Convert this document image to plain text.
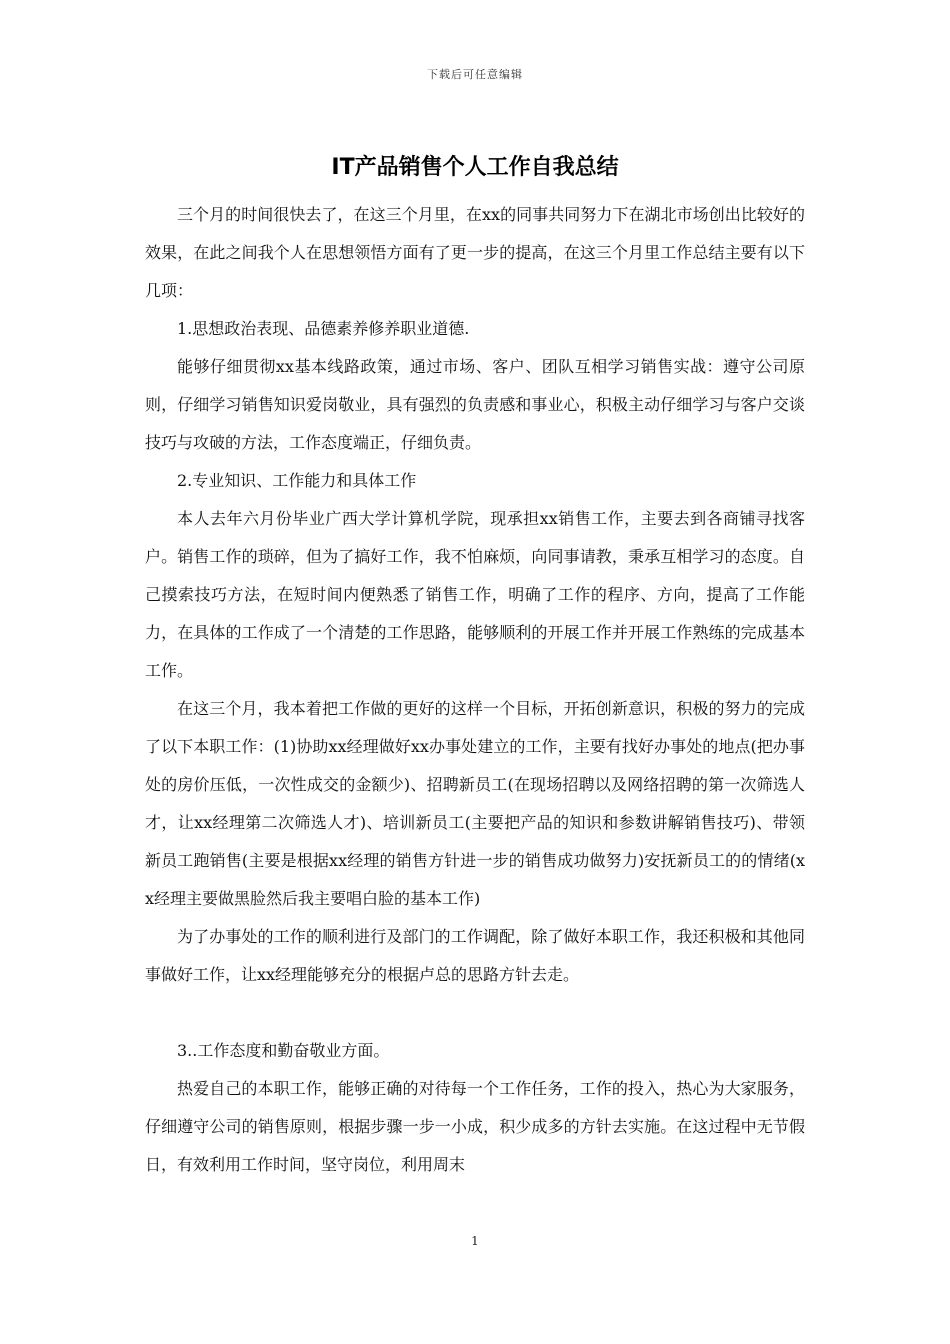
下载后可任意编辑
IT产品销售个人工作自我总结

三个月的时间很快去了，在这三个月里，在xx的同事共同努力下在湖北市场创出比较好的效果，在此之间我个人在思想领悟方面有了更一步的提高，在这三个月里工作总结主要有以下几项：

1.思想政治表现、品德素养修养职业道德.

能够仔细贯彻xx基本线路政策，通过市场、客户、团队互相学习销售实战：遵守公司原则，仔细学习销售知识爱岗敬业，具有强烈的负责感和事业心，积极主动仔细学习与客户交谈技巧与攻破的方法，工作态度端正，仔细负责。

2.专业知识、工作能力和具体工作

本人去年六月份毕业广西大学计算机学院，现承担xx销售工作，主要去到各商铺寻找客户。销售工作的琐碎，但为了搞好工作，我不怕麻烦，向同事请教，秉承互相学习的态度。自己摸索技巧方法，在短时间内便熟悉了销售工作，明确了工作的程序、方向，提高了工作能力，在具体的工作成了一个清楚的工作思路，能够顺利的开展工作并开展工作熟练的完成基本工作。

在这三个月，我本着把工作做的更好的这样一个目标，开拓创新意识，积极的努力的完成了以下本职工作：(1)协助xx经理做好xx办事处建立的工作，主要有找好办事处的地点(把办事处的房价压低，一次性成交的金额少)、招聘新员工(在现场招聘以及网络招聘的第一次筛选人才，让xx经理第二次筛选人才)、培训新员工(主要把产品的知识和参数讲解销售技巧)、带领新员工跑销售(主要是根据xx经理的销售方针进一步的销售成功做努力)安抚新员工的的情绪(xx经理主要做黑脸然后我主要唱白脸的基本工作)

为了办事处的工作的顺利进行及部门的工作调配，除了做好本职工作，我还积极和其他同事做好工作，让xx经理能够充分的根据卢总的思路方针去走。

3..工作态度和勤奋敬业方面。

热爱自己的本职工作，能够正确的对待每一个工作任务，工作的投入，热心为大家服务，仔细遵守公司的销售原则，根据步骤一步一小成，积少成多的方针去实施。在这过程中无节假日，有效利用工作时间，坚守岗位，利用周末

1
